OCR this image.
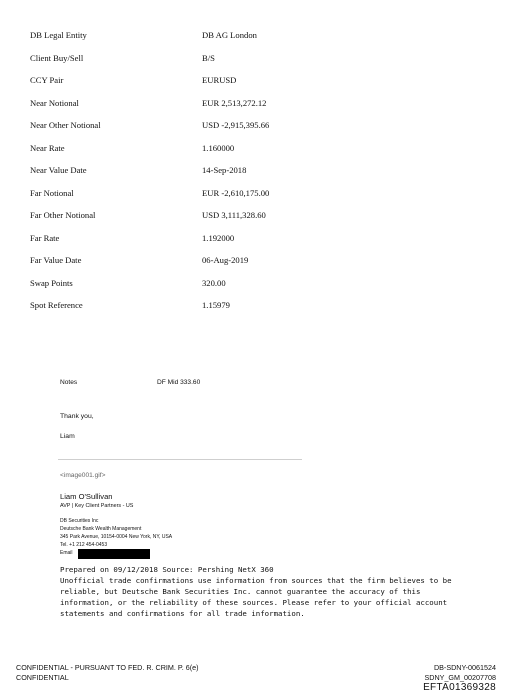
DB Legal Entity	DB AG London
Client Buy/Sell	B/S
CCY Pair	EURUSD
Near Notional	EUR 2,513,272.12
Near Other Notional	USD -2,915,395.66
Near Rate	1.160000
Near Value Date	14-Sep-2018
Far Notional	EUR -2,610,175.00
Far Other Notional	USD 3,111,328.60
Far Rate	1.192000
Far Value Date	06-Aug-2019
Swap Points	320.00
Spot Reference	1.15979
Notes	DF Mid 333.60
Thank you,
Liam
<image001.gif>
Liam O'Sullivan
AVP | Key Client Partners - US
DB Securities Inc
Deutsche Bank Wealth Management
345 Park Avenue, 10154-0004 New York, NY, USA
Tel. +1 212 454-0453
Email
Prepared on 09/12/2018 Source: Pershing NetX 360
Unofficial trade confirmations use information from sources that the firm believes to be
reliable, but Deutsche Bank Securities Inc. cannot guarantee the accuracy of this
information, or the reliability of these sources. Please refer to your official account
statements and confirmations for all trade information.
CONFIDENTIAL - PURSUANT TO FED. R. CRIM. P. 6(e)
CONFIDENTIAL
DB-SDNY-0061524
SDNY_GM_00207708
EFTA01369328
